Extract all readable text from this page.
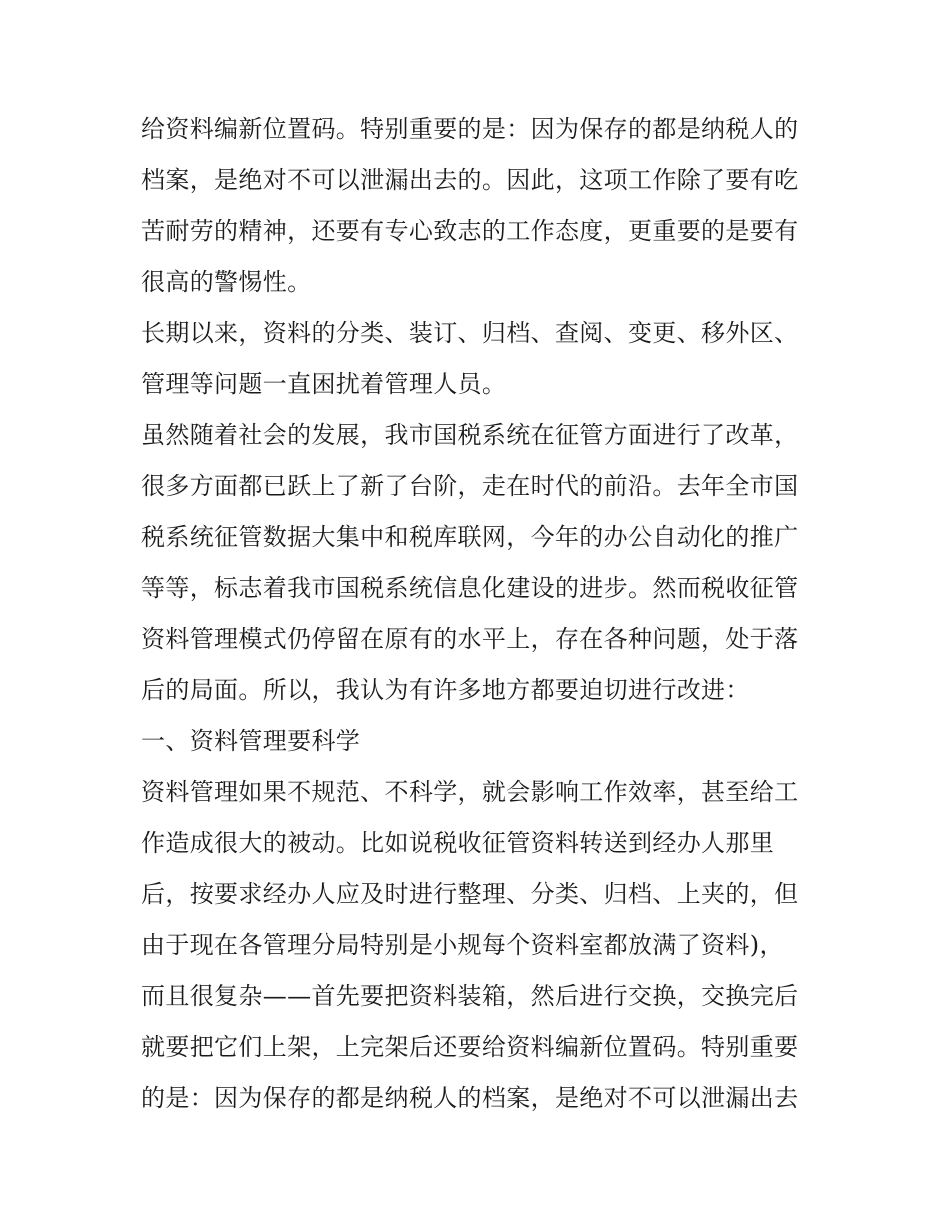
给资料编新位置码。特别重要的是：因为保存的都是纳税人的
档案，是绝对不可以泄漏出去的。因此，这项工作除了要有吃
苦耐劳的精神，还要有专心致志的工作态度，更重要的是要有
很高的警惕性。
长期以来，资料的分类、装订、归档、查阅、变更、移外区、
管理等问题一直困扰着管理人员。
虽然随着社会的发展，我市国税系统在征管方面进行了改革，
很多方面都已跃上了新了台阶，走在时代的前沿。去年全市国
税系统征管数据大集中和税库联网，今年的办公自动化的推广
等等，标志着我市国税系统信息化建设的进步。然而税收征管
资料管理模式仍停留在原有的水平上，存在各种问题，处于落
后的局面。所以，我认为有许多地方都要迫切进行改进：
一、资料管理要科学
资料管理如果不规范、不科学，就会影响工作效率，甚至给工
作造成很大的被动。比如说税收征管资料转送到经办人那里
后，按要求经办人应及时进行整理、分类、归档、上夹的，但
由于现在各管理分局特别是小规每个资料室都放满了资料)，
而且很复杂——首先要把资料装箱，然后进行交换，交换完后
就要把它们上架，上完架后还要给资料编新位置码。特别重要
的是：因为保存的都是纳税人的档案，是绝对不可以泄漏出去
